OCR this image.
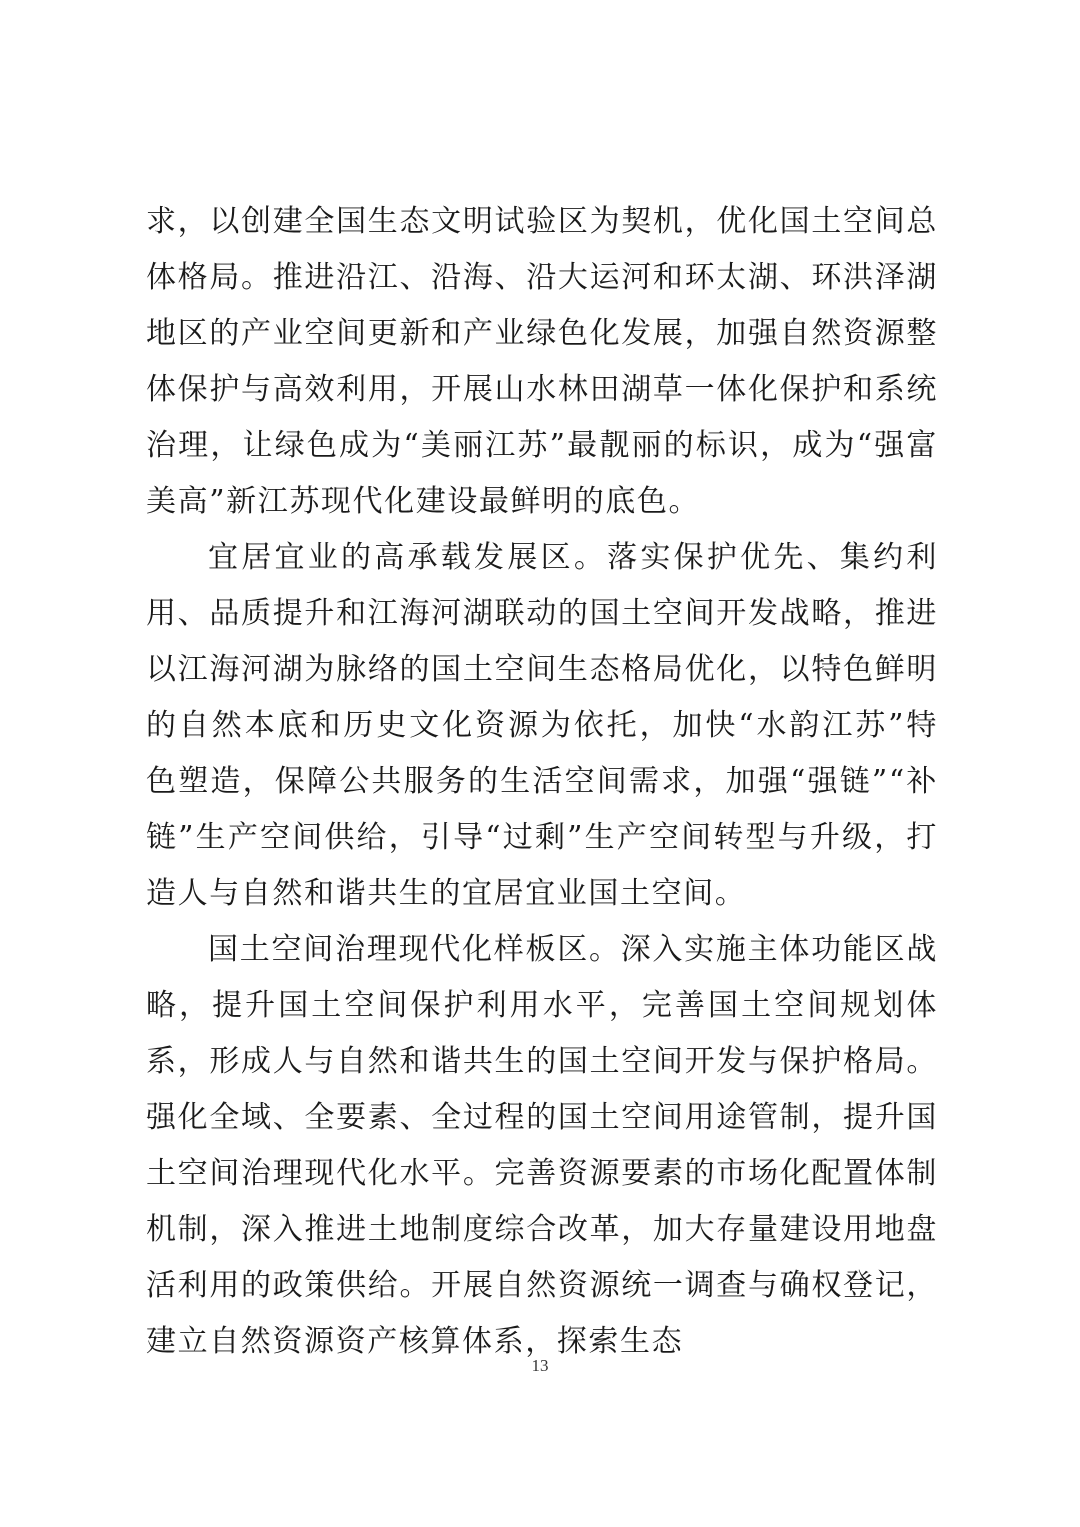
求，以创建全国生态文明试验区为契机，优化国土空间总体格局。推进沿江、沿海、沿大运河和环太湖、环洪泽湖地区的产业空间更新和产业绿色化发展，加强自然资源整体保护与高效利用，开展山水林田湖草一体化保护和系统治理，让绿色成为“美丽江苏”最靓丽的标识，成为“强富美高”新江苏现代化建设最鲜明的底色。

宜居宜业的高承载发展区。落实保护优先、集约利用、品质提升和江海河湖联动的国土空间开发战略，推进以江海河湖为脉络的国土空间生态格局优化，以特色鲜明的自然本底和历史文化资源为依托，加快“水韵江苏”特色塑造，保障公共服务的生活空间需求，加强“强链”“补链”生产空间供给，引导“过剩”生产空间转型与升级，打造人与自然和谐共生的宜居宜业国土空间。

国土空间治理现代化样板区。深入实施主体功能区战略，提升国土空间保护利用水平，完善国土空间规划体系，形成人与自然和谐共生的国土空间开发与保护格局。强化全域、全要素、全过程的国土空间用途管制，提升国土空间治理现代化水平。完善资源要素的市场化配置体制机制，深入推进土地制度综合改革，加大存量建设用地盘活利用的政策供给。开展自然资源统一调查与确权登记，建立自然资源资产核算体系，探索生态

13
